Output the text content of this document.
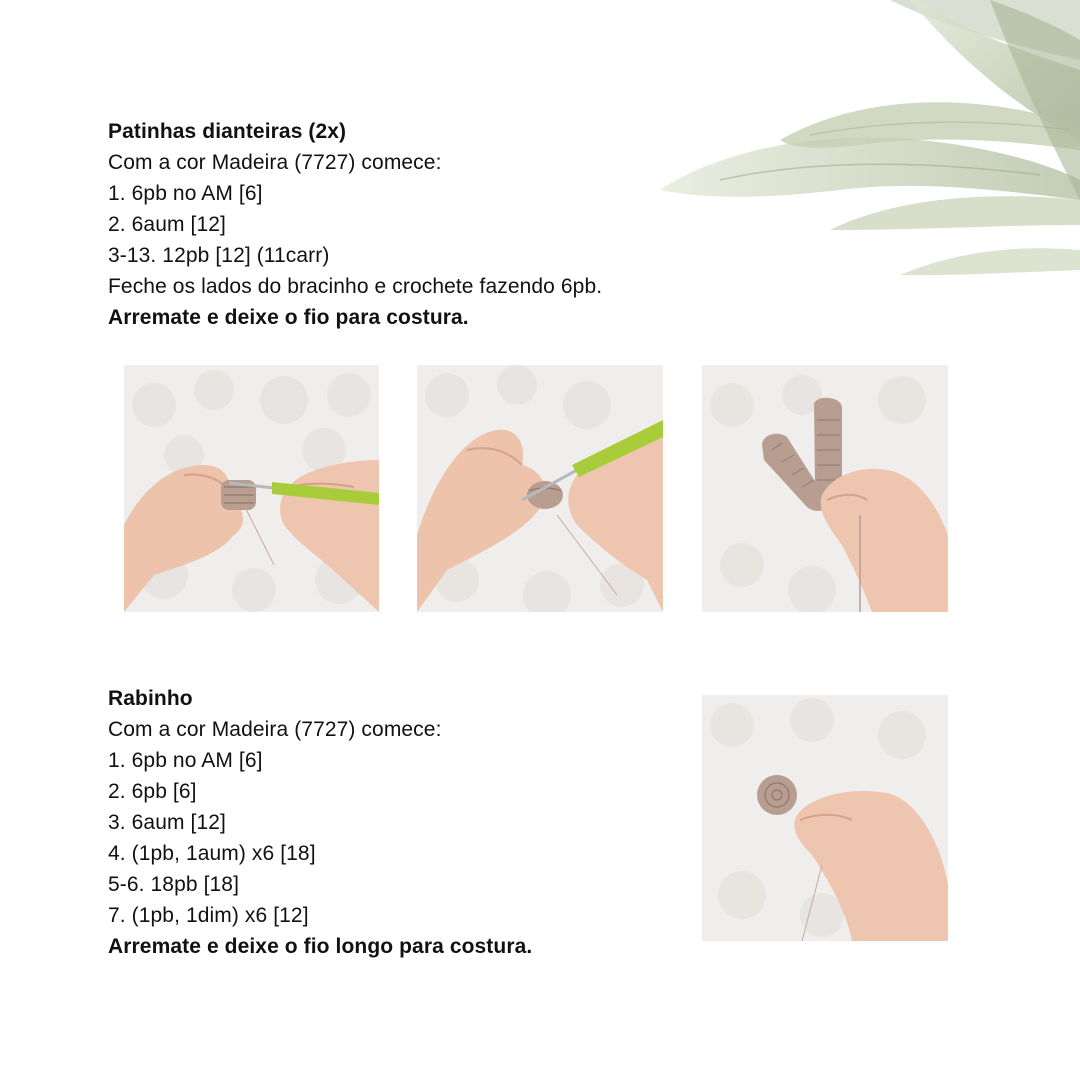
Patinhas dianteiras (2x)
Com a cor Madeira (7727) comece:
1. 6pb no AM [6]
2. 6aum [12]
3-13. 12pb [12] (11carr)
Feche os lados do bracinho e crochete fazendo 6pb.
Arremate e deixe o fio para costura.
Rabinho
Com a cor Madeira (7727) comece:
1. 6pb no AM [6]
2. 6pb [6]
3. 6aum [12]
4. (1pb, 1aum) x6 [18]
5-6. 18pb [18]
7. (1pb, 1dim) x6 [12]
Arremate e deixe o fio longo para costura.
